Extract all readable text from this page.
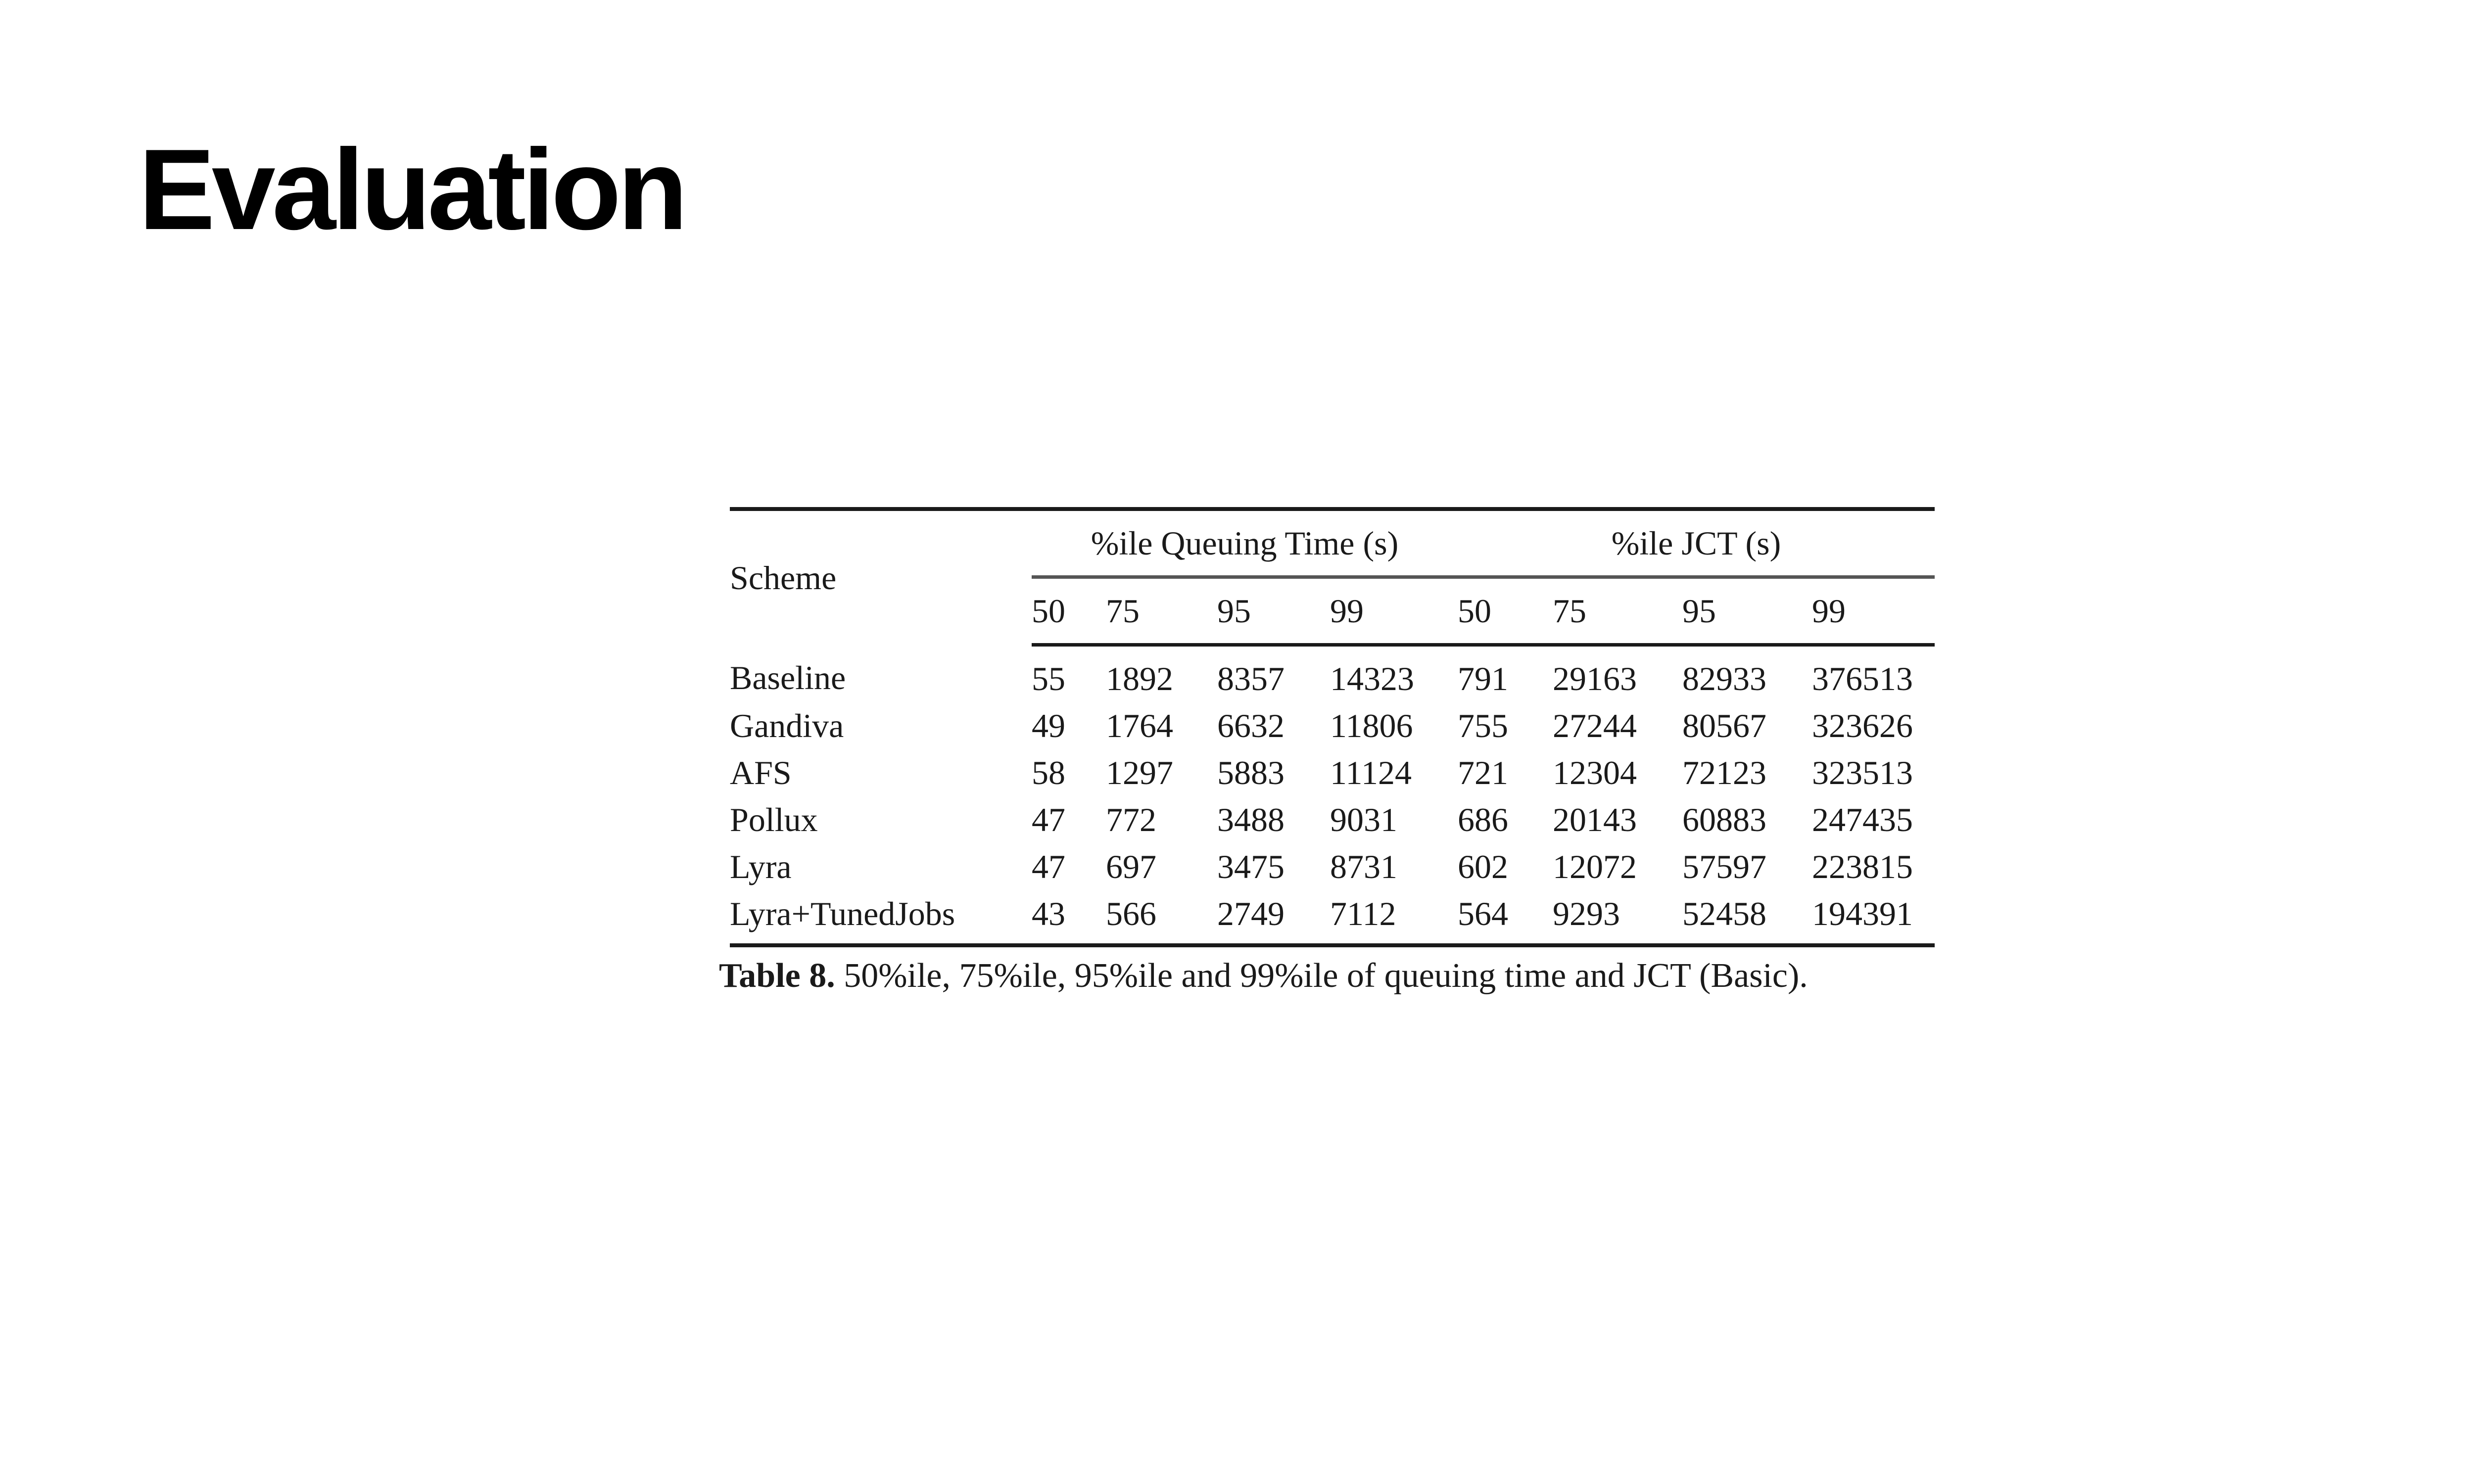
Evaluation
Scheme	%ile Queuing Time (s)				%ile JCT (s)			
	50	75	95	99	50	75	95	99
Baseline	55	1892	8357	14323	791	29163	82933	376513
Gandiva	49	1764	6632	11806	755	27244	80567	323626
AFS	58	1297	5883	11124	721	12304	72123	323513
Pollux	47	772	3488	9031	686	20143	60883	247435
Lyra	47	697	3475	8731	602	12072	57597	223815
Lyra+TunedJobs	43	566	2749	7112	564	9293	52458	194391
Table 8. 50%ile, 75%ile, 95%ile and 99%ile of queuing time and JCT (Basic).
